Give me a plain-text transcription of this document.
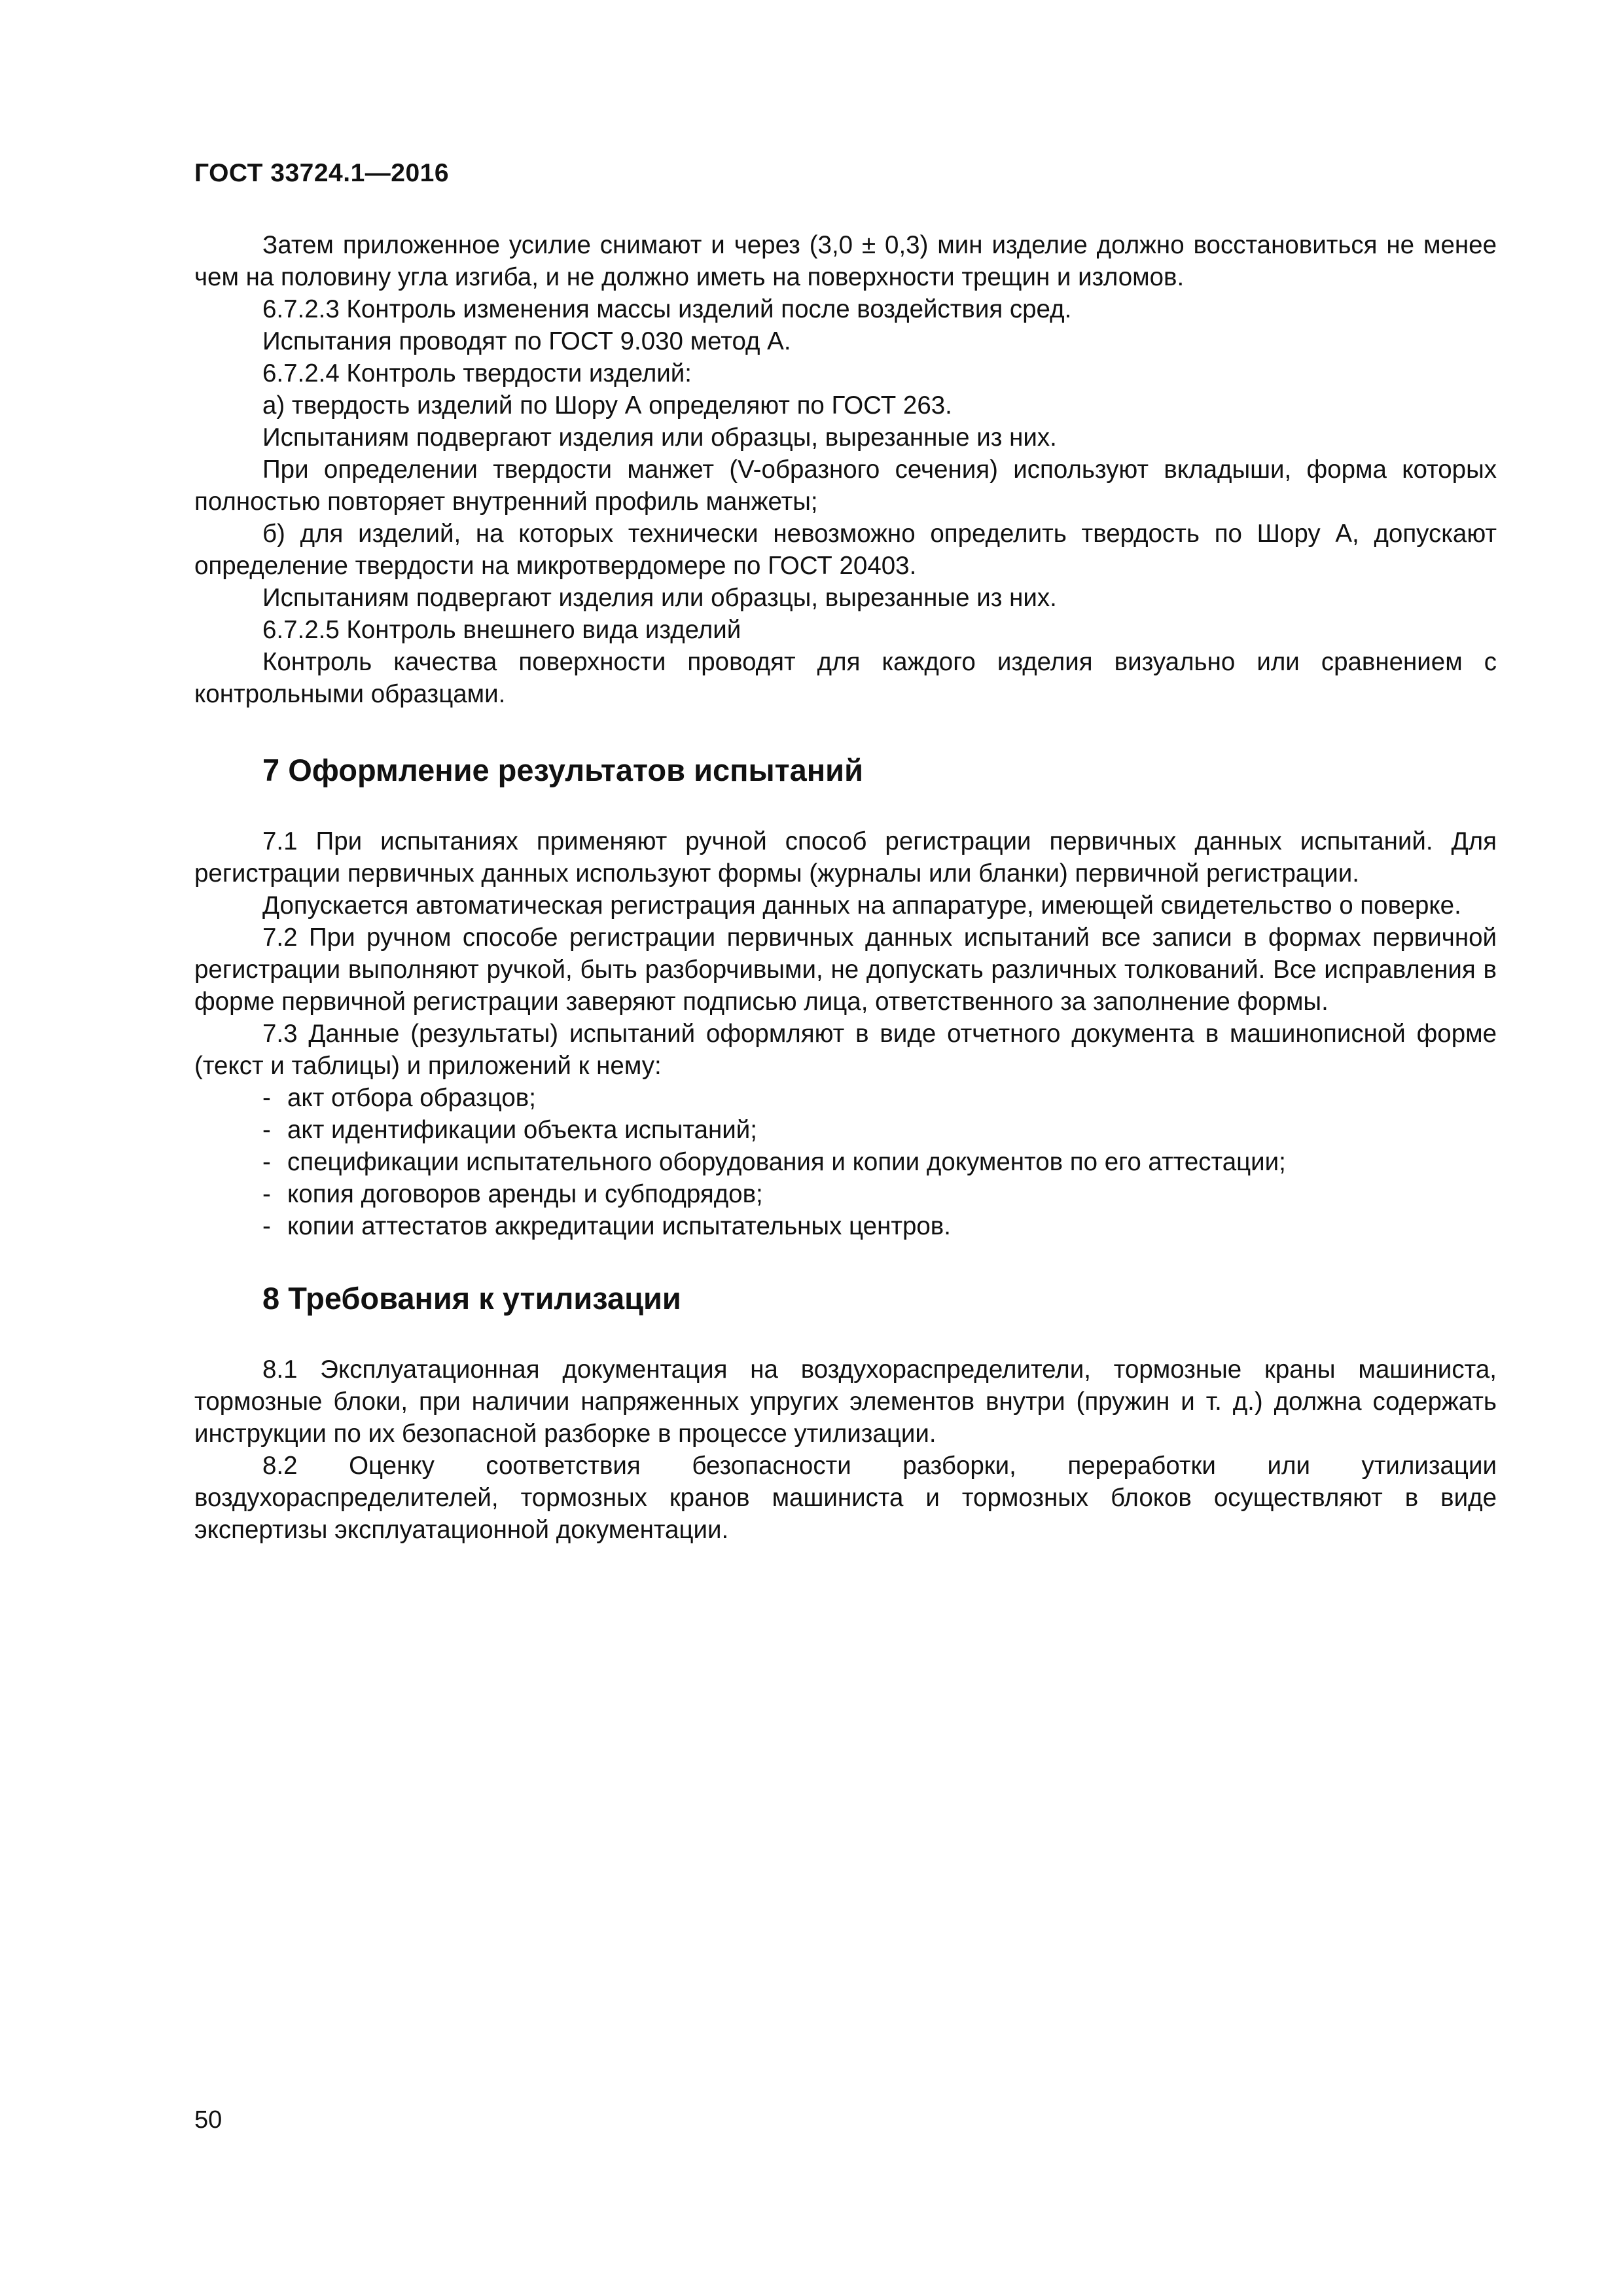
ГОСТ 33724.1—2016

Затем приложенное усилие снимают и через (3,0 ± 0,3) мин изделие должно восстановиться не менее чем на половину угла изгиба, и не должно иметь на поверхности трещин и изломов.

6.7.2.3 Контроль изменения массы изделий после воздействия сред.

Испытания проводят по ГОСТ 9.030 метод А.

6.7.2.4 Контроль твердости изделий:

а) твердость изделий по Шору А определяют по ГОСТ 263.

Испытаниям подвергают изделия или образцы, вырезанные из них.

При определении твердости манжет (V-образного сечения) используют вкладыши, форма которых полностью повторяет внутренний профиль манжеты;

б) для изделий, на которых технически невозможно определить твердость по Шору А, допускают определение твердости на микротвердомере по ГОСТ 20403.

Испытаниям подвергают изделия или образцы, вырезанные из них.

6.7.2.5 Контроль внешнего вида изделий

Контроль качества поверхности проводят для каждого изделия визуально или сравнением с контрольными образцами.

7 Оформление результатов испытаний

7.1 При испытаниях применяют ручной способ регистрации первичных данных испытаний. Для регистрации первичных данных используют формы (журналы или бланки) первичной регистрации.

Допускается автоматическая регистрация данных на аппаратуре, имеющей свидетельство о поверке.

7.2 При ручном способе регистрации первичных данных испытаний все записи в формах первичной регистрации выполняют ручкой, быть разборчивыми, не допускать различных толкований. Все исправления в форме первичной регистрации заверяют подписью лица, ответственного за заполнение формы.

7.3 Данные (результаты) испытаний оформляют в виде отчетного документа в машинописной форме (текст и таблицы) и приложений к нему:

- акт отбора образцов;
- акт идентификации объекта испытаний;
- спецификации испытательного оборудования и копии документов по его аттестации;
- копия договоров аренды и субподрядов;
- копии аттестатов аккредитации испытательных центров.
8 Требования к утилизации

8.1 Эксплуатационная документация на воздухораспределители, тормозные краны машиниста, тормозные блоки, при наличии напряженных упругих элементов внутри (пружин и т. д.) должна содержать инструкции по их безопасной разборке в процессе утилизации.

8.2 Оценку соответствия безопасности разборки, переработки или утилизации воздухораспределителей, тормозных кранов машиниста и тормозных блоков осуществляют в виде экспертизы эксплуатационной документации.

50
